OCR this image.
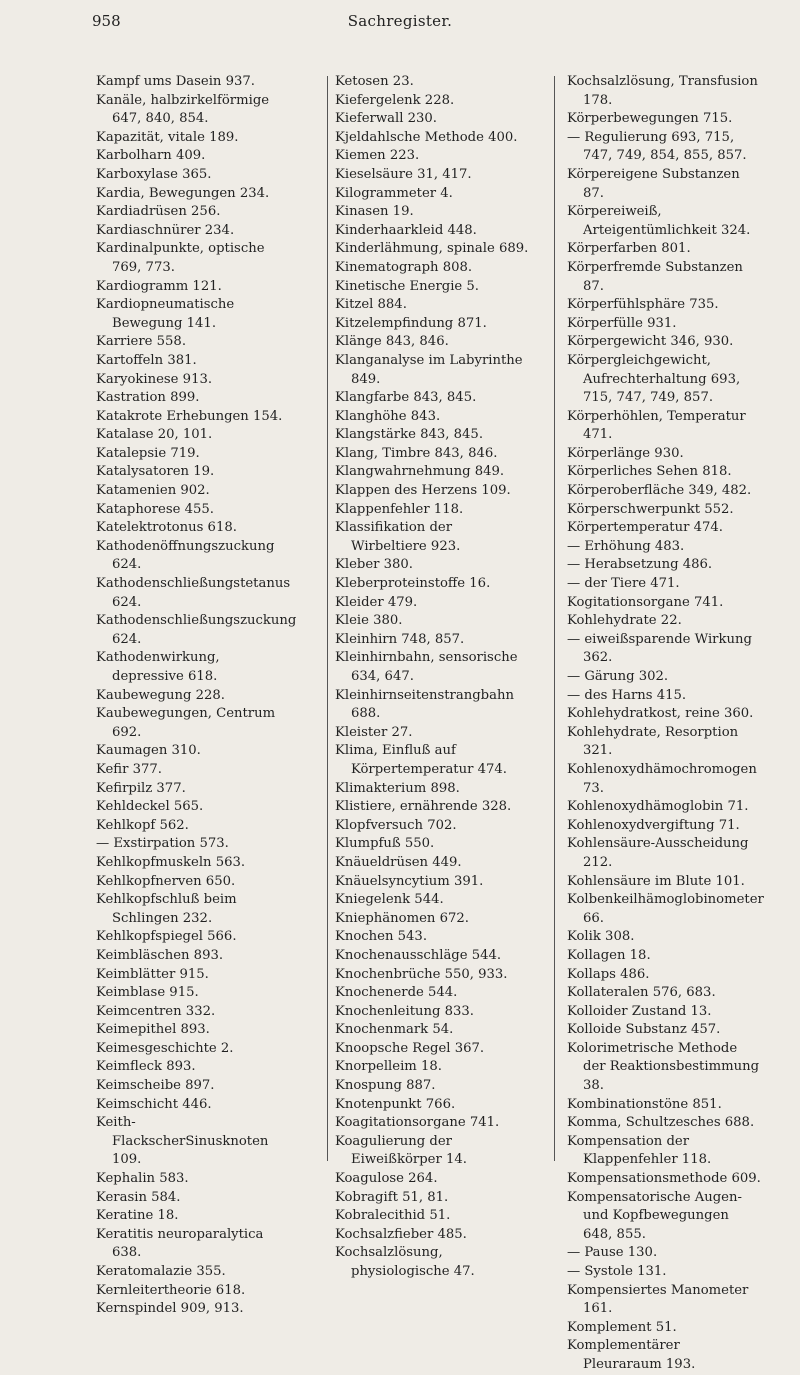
958	Sachregister.

Kampf ums Dasein 937.

Kanäle, halbzirkelförmige 647, 840, 854.

Kapazität, vitale 189.

Karbolharn 409.

Karboxylase 365.

Kardia, Bewegungen 234.

Kardiadrüsen 256.

Kardiaschnürer 234.

Kardinalpunkte, optische 769, 773.

Kardiogramm 121.

Kardiopneumatische Bewegung 141.

Karriere 558.

Kartoffeln 381.

Karyokinese 913.

Kastration 899.

Katakrote Erhebungen 154.

Katalase 20, 101.

Katalepsie 719.

Katalysatoren 19.

Katamenien 902.

Kataphorese 455.

Katelektrotonus 618.

Kathodenöffnungszuckung 624.

Kathodenschließungstetanus 624.

Kathodenschließungszuckung 624.

Kathodenwirkung, depressive 618.

Kaubewegung 228.

Kaubewegungen, Centrum 692.

Kaumagen 310.

Kefir 377.

Kefirpilz 377.

Kehldeckel 565.

Kehlkopf 562.

— Exstirpation 573.

Kehlkopfmuskeln 563.

Kehlkopfnerven 650.

Kehlkopfschluß beim Schlingen 232.

Kehlkopfspiegel 566.

Keimbläschen 893.

Keimblätter 915.

Keimblase 915.

Keimcentren 332.

Keimepithel 893.

Keimesgeschichte 2.

Keimfleck 893.

Keimscheibe 897.

Keimschicht 446.

Keith-FlackscherSinusknoten 109.

Kephalin 583.

Kerasin 584.

Keratine 18.

Keratitis neuroparalytica 638.

Keratomalazie 355.

Kernleitertheorie 618.

Kernspindel 909, 913.

Ketosen 23.

Kiefergelenk 228.

Kieferwall 230.

Kjeldahlsche Methode 400.

Kiemen 223.

Kieselsäure 31, 417.

Kilogrammeter 4.

Kinasen 19.

Kinderhaarkleid 448.

Kinderlähmung, spinale 689.

Kinematograph 808.

Kinetische Energie 5.

Kitzel 884.

Kitzelempfindung 871.

Klänge 843, 846.

Klanganalyse im Labyrinthe 849.

Klangfarbe 843, 845.

Klanghöhe 843.

Klangstärke 843, 845.

Klang, Timbre 843, 846.

Klangwahrnehmung 849.

Klappen des Herzens 109.

Klappenfehler 118.

Klassifikation der Wirbeltiere 923.

Kleber 380.

Kleberproteinstoffe 16.

Kleider 479.

Kleie 380.

Kleinhirn 748, 857.

Kleinhirnbahn, sensorische 634, 647.

Kleinhirnseitenstrangbahn 688.

Kleister 27.

Klima, Einfluß auf Körpertemperatur 474.

Klimakterium 898.

Klistiere, ernährende 328.

Klopfversuch 702.

Klumpfuß 550.

Knäueldrüsen 449.

Knäuelsyncytium 391.

Kniegelenk 544.

Kniephänomen 672.

Knochen 543.

Knochenausschläge 544.

Knochenbrüche 550, 933.

Knochenerde 544.

Knochenleitung 833.

Knochenmark 54.

Knoopsche Regel 367.

Knorpelleim 18.

Knospung 887.

Knotenpunkt 766.

Koagitationsorgane 741.

Koagulierung der Eiweißkörper 14.

Koagulose 264.

Kobragift 51, 81.

Kobralecithid 51.

Kochsalzfieber 485.

Kochsalzlösung, physiologische 47.

Kochsalzlösung, Transfusion 178.

Körperbewegungen 715.

— Regulierung 693, 715, 747, 749, 854, 855, 857.

Körpereigene Substanzen 87.

Körpereiweiß, Arteigentümlichkeit 324.

Körperfarben 801.

Körperfremde Substanzen 87.

Körperfühlsphäre 735.

Körperfülle 931.

Körpergewicht 346, 930.

Körpergleichgewicht, Aufrechterhaltung 693, 715, 747, 749, 857.

Körperhöhlen, Temperatur 471.

Körperlänge 930.

Körperliches Sehen 818.

Körperoberfläche 349, 482.

Körperschwerpunkt 552.

Körpertemperatur 474.

— Erhöhung 483.

— Herabsetzung 486.

— der Tiere 471.

Kogitationsorgane 741.

Kohlehydrate 22.

— eiweißsparende Wirkung 362.

— Gärung 302.

— des Harns 415.

Kohlehydratkost, reine 360.

Kohlehydrate, Resorption 321.

Kohlenoxydhämochromogen 73.

Kohlenoxydhämoglobin 71.

Kohlenoxydvergiftung 71.

Kohlensäure-Ausscheidung 212.

Kohlensäure im Blute 101.

Kolbenkeilhämoglobinometer 66.

Kolik 308.

Kollagen 18.

Kollaps 486.

Kollateralen 576, 683.

Kolloider Zustand 13.

Kolloide Substanz 457.

Kolorimetrische Methode der Reaktionsbestimmung 38.

Kombinationstöne 851.

Komma, Schultzesches 688.

Kompensation der Klappenfehler 118.

Kompensationsmethode 609.

Kompensatorische Augen- und Kopfbewegungen 648, 855.

— Pause 130.

— Systole 131.

Kompensiertes Manometer 161.

Komplement 51.

Komplementärer Pleuraraum 193.
